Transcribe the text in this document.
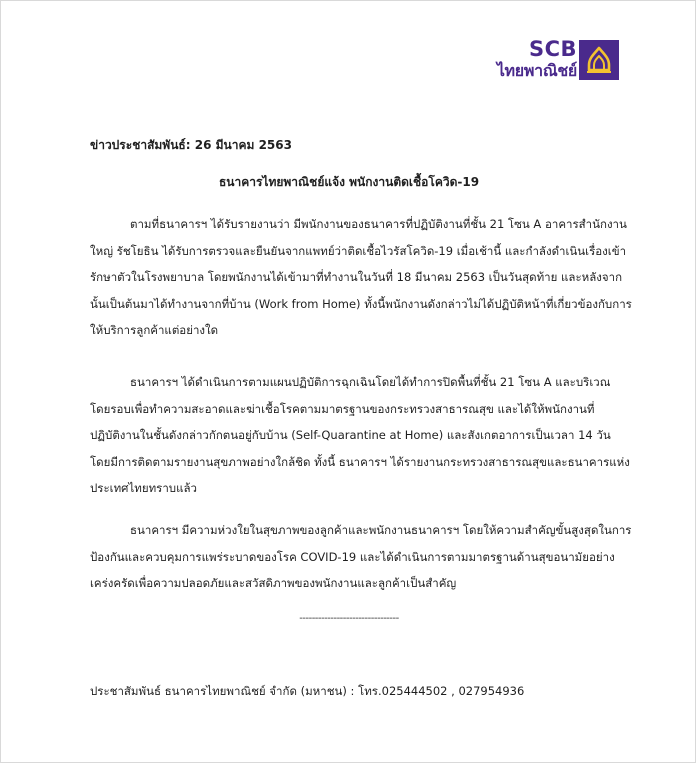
SCB
ไทยพาณิชย์
ข่าวประชาสัมพันธ์: 26 มีนาคม 2563
ธนาคารไทยพาณิชย์แจ้ง พนักงานติดเชื้อโควิด-19

ตามที่ธนาคารฯ ได้รับรายงานว่า มีพนักงานของธนาคารที่ปฏิบัติงานที่ชั้น 21 โซน A อาคารสำนักงาน
ใหญ่ รัชโยธิน ได้รับการตรวจและยืนยันจากแพทย์ว่าติดเชื้อไวรัสโควิด-19 เมื่อเช้านี้ และกำลังดำเนินเรื่องเข้า
รักษาตัวในโรงพยาบาล โดยพนักงานได้เข้ามาที่ทำงานในวันที่ 18 มีนาคม 2563 เป็นวันสุดท้าย และหลังจาก
นั้นเป็นต้นมาได้ทำงานจากที่บ้าน (Work from Home) ทั้งนี้พนักงานดังกล่าวไม่ได้ปฏิบัติหน้าที่เกี่ยวข้องกับการ
ให้บริการลูกค้าแต่อย่างใด

ธนาคารฯ ได้ดำเนินการตามแผนปฏิบัติการฉุกเฉินโดยได้ทำการปิดพื้นที่ชั้น 21 โซน A และบริเวณ
โดยรอบเพื่อทำความสะอาดและฆ่าเชื้อโรคตามมาตรฐานของกระทรวงสาธารณสุข และได้ให้พนักงานที่
ปฏิบัติงานในชั้นดังกล่าวกักตนอยู่กับบ้าน (Self-Quarantine at Home) และสังเกตอาการเป็นเวลา 14 วัน
โดยมีการติดตามรายงานสุขภาพอย่างใกล้ชิด ทั้งนี้ ธนาคารฯ ได้รายงานกระทรวงสาธารณสุขและธนาคารแห่ง
ประเทศไทยทราบแล้ว

ธนาคารฯ มีความห่วงใยในสุขภาพของลูกค้าและพนักงานธนาคารฯ โดยให้ความสำคัญขั้นสูงสุดในการ
ป้องกันและควบคุมการแพร่ระบาดของโรค COVID-19 และได้ดำเนินการตามมาตรฐานด้านสุขอนามัยอย่าง
เคร่งครัดเพื่อความปลอดภัยและสวัสดิภาพของพนักงานและลูกค้าเป็นสำคัญ

--------------------------------
ประชาสัมพันธ์ ธนาคารไทยพาณิชย์ จำกัด (มหาชน) : โทร.025444502 , 027954936
